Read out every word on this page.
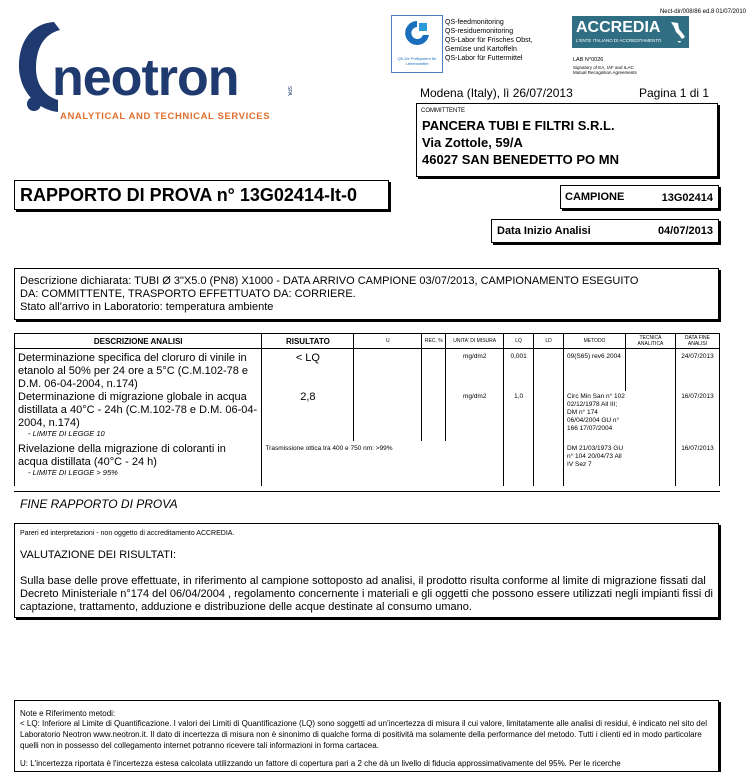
Nect-dir/008/86 ed.8 01/07/2010
neotron	SPA
ANALYTICAL AND TECHNICAL SERVICES
QS-Dir Prüfsystem für Lebensmittel
QS-feedmonitoring
QS-residuemonitoring
QS-Labor für Frisches Obst,
Gemüse und Kartoffeln
QS-Labor für Futtermittel
ACCREDIA
L'ENTE ITALIANO DI ACCREDITAMENTO
LAB N°0026
Signatory of EA, IAF and ILAC
Mutual Recognition Agreements
Modena (Italy), lì 26/07/2013	Pagina 1 di 1
COMMITTENTE
PANCERA TUBI E FILTRI S.R.L.
Via Zottole, 59/A
46027 SAN BENEDETTO PO MN
RAPPORTO DI PROVA n° 13G02414-It-0	CAMPIONE	13G02414
Data Inizio Analisi	04/07/2013
Descrizione dichiarata: TUBI Ø 3"X5.0 (PN8) X1000 - DATA ARRIVO CAMPIONE 03/07/2013, CAMPIONAMENTO ESEGUITO
DA: COMMITTENTE, TRASPORTO EFFETTUATO DA: CORRIERE.
Stato all'arrivo in Laboratorio: temperatura ambiente
DESCRIZIONE ANALISI	RISULTATO	U	REC. %	UNITA' DI MISURA	LQ	LD	METODO	TECNICA ANALITICA	DATA FINE ANALISI
Determinazione specifica del cloruro di vinile in etanolo al 50% per 24 ore a 5°C (C.M.102-78 e D.M. 06-04-2004, n.174)	< LQ			mg/dm2	0,001		09(S65) rev6 2004		24/07/2013

Determinazione di migrazione globale in acqua distillata a 40°C - 24h (C.M.102-78 e D.M. 06-04-2004, n.174)
- LIMITE DI LEGGE 10	2,8			mg/dm2	1,0		Circ Min San n° 102 02/12/1978 All III; DM n° 174 06/04/2004 GU n° 166 17/07/2004		16/07/2013

Rivelazione della migrazione di coloranti in acqua distillata (40°C - 24 h)
- LIMITE DI LEGGE > 95%	Trasmissione ottica tra 400 e 750 nm: >99%						DM 21/03/1973 GU n° 104 20/04/73 All IV Sez 7		16/07/2013
FINE RAPPORTO DI PROVA
Pareri ed interpretazioni - non oggetto di accreditamento ACCREDIA.
VALUTAZIONE DEI RISULTATI:
Sulla base delle prove effettuate, in riferimento al campione sottoposto ad analisi, il prodotto risulta conforme al limite di migrazione fissati dal Decreto Ministeriale n°174 del 06/04/2004 , regolamento concernente i materiali e gli oggetti che possono essere utilizzati negli impianti fissi di captazione, trattamento, adduzione e distribuzione delle acque destinate al consumo umano.
Note e Riferimento metodi:
< LQ: Inferiore al Limite di Quantificazione. I valori dei Limiti di Quantificazione (LQ) sono soggetti ad un'incertezza di misura il cui valore, limitatamente alle analisi di residui, è indicato nel sito del Laboratorio Neotron www.neotron.it. Il dato di incertezza di misura non è sinonimo di qualche forma di positività ma solamente della performance del metodo. Tutti i clienti ed in modo particolare quelli non in possesso del collegamento internet potranno ricevere tali informazioni in forma cartacea.
U: L'incertezza riportata è l'incertezza estesa calcolata utilizzando un fattore di copertura pari a 2 che dà un livello di fiducia approssimativamente del 95%. Per le ricerche
